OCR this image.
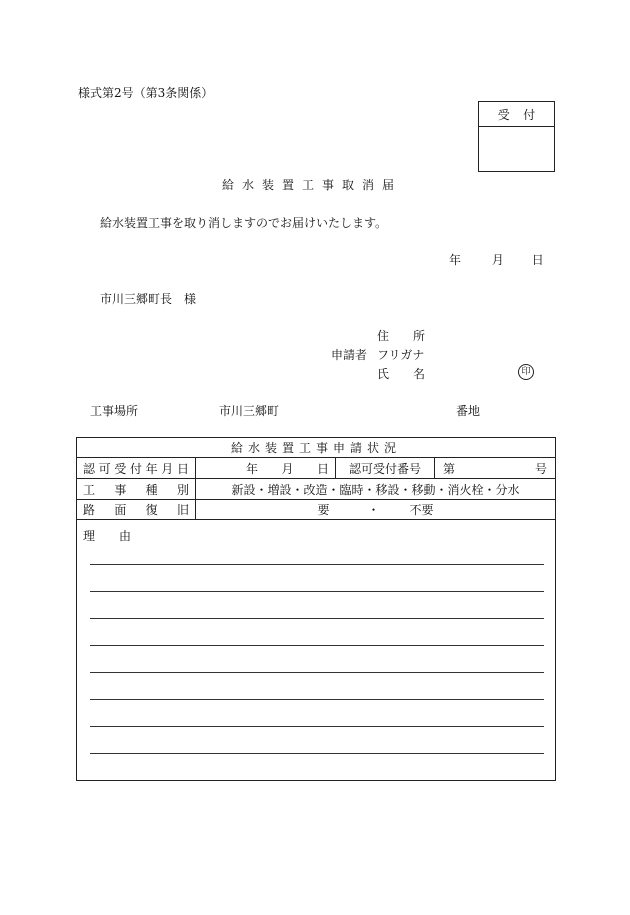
様式第2号（第3条関係）
受 付
給水装置工事取消届
給水装置工事を取り消しますのでお届けいたします。
年	月 日
市川三郷町長　様
住　　所
申請者 フリガナ
氏　　名	印
工事場所	市川三郷町	番地
給水装置工事申請状況
認 可 受 付 年 月 日	年 月 日	認可受付番号	第	号
工 事 種 別	新設・増設・改造・臨時・移設・移動・消火栓・分水
路 面 復 旧	要	・	不要
理　　由
